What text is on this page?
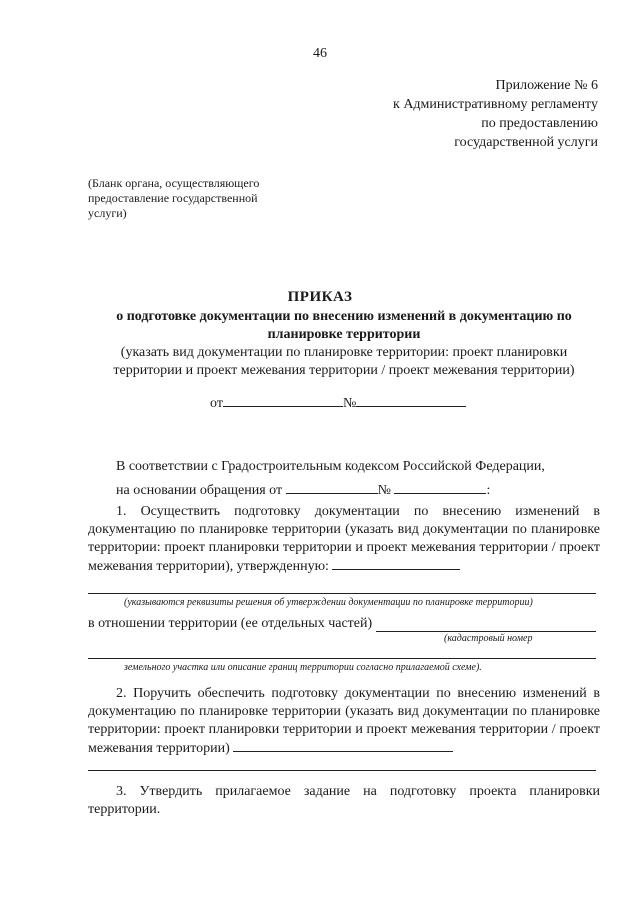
46
Приложение № 6
к Административному регламенту
по предоставлению
государственной услуги
(Бланк органа, осуществляющего
предоставление государственной
услуги)
ПРИКАЗ
о подготовке документации по внесению изменений в документацию по планировке территории
(указать вид документации по планировке территории: проект планировки территории и проект межевания территории / проект межевания территории)
от	№
В соответствии с Градостроительным кодексом Российской Федерации,
на основании обращения от	№	:
1. Осуществить подготовку документации по внесению изменений в документацию по планировке территории (указать вид документации по планировке территории: проект планировки территории и проект межевания территории / проект межевания территории), утвержденную:
(указываются реквизиты решения об утверждении документации по планировке территории)
в отношении территории (ее отдельных частей)
(кадастровый номер
земельного участка или описание границ территории согласно прилагаемой схеме).
2. Поручить обеспечить подготовку документации по внесению изменений в документацию по планировке территории (указать вид документации по планировке территории: проект планировки территории и проект межевания территории / проект межевания территории)
3. Утвердить прилагаемое задание на подготовку проекта планировки территории.
